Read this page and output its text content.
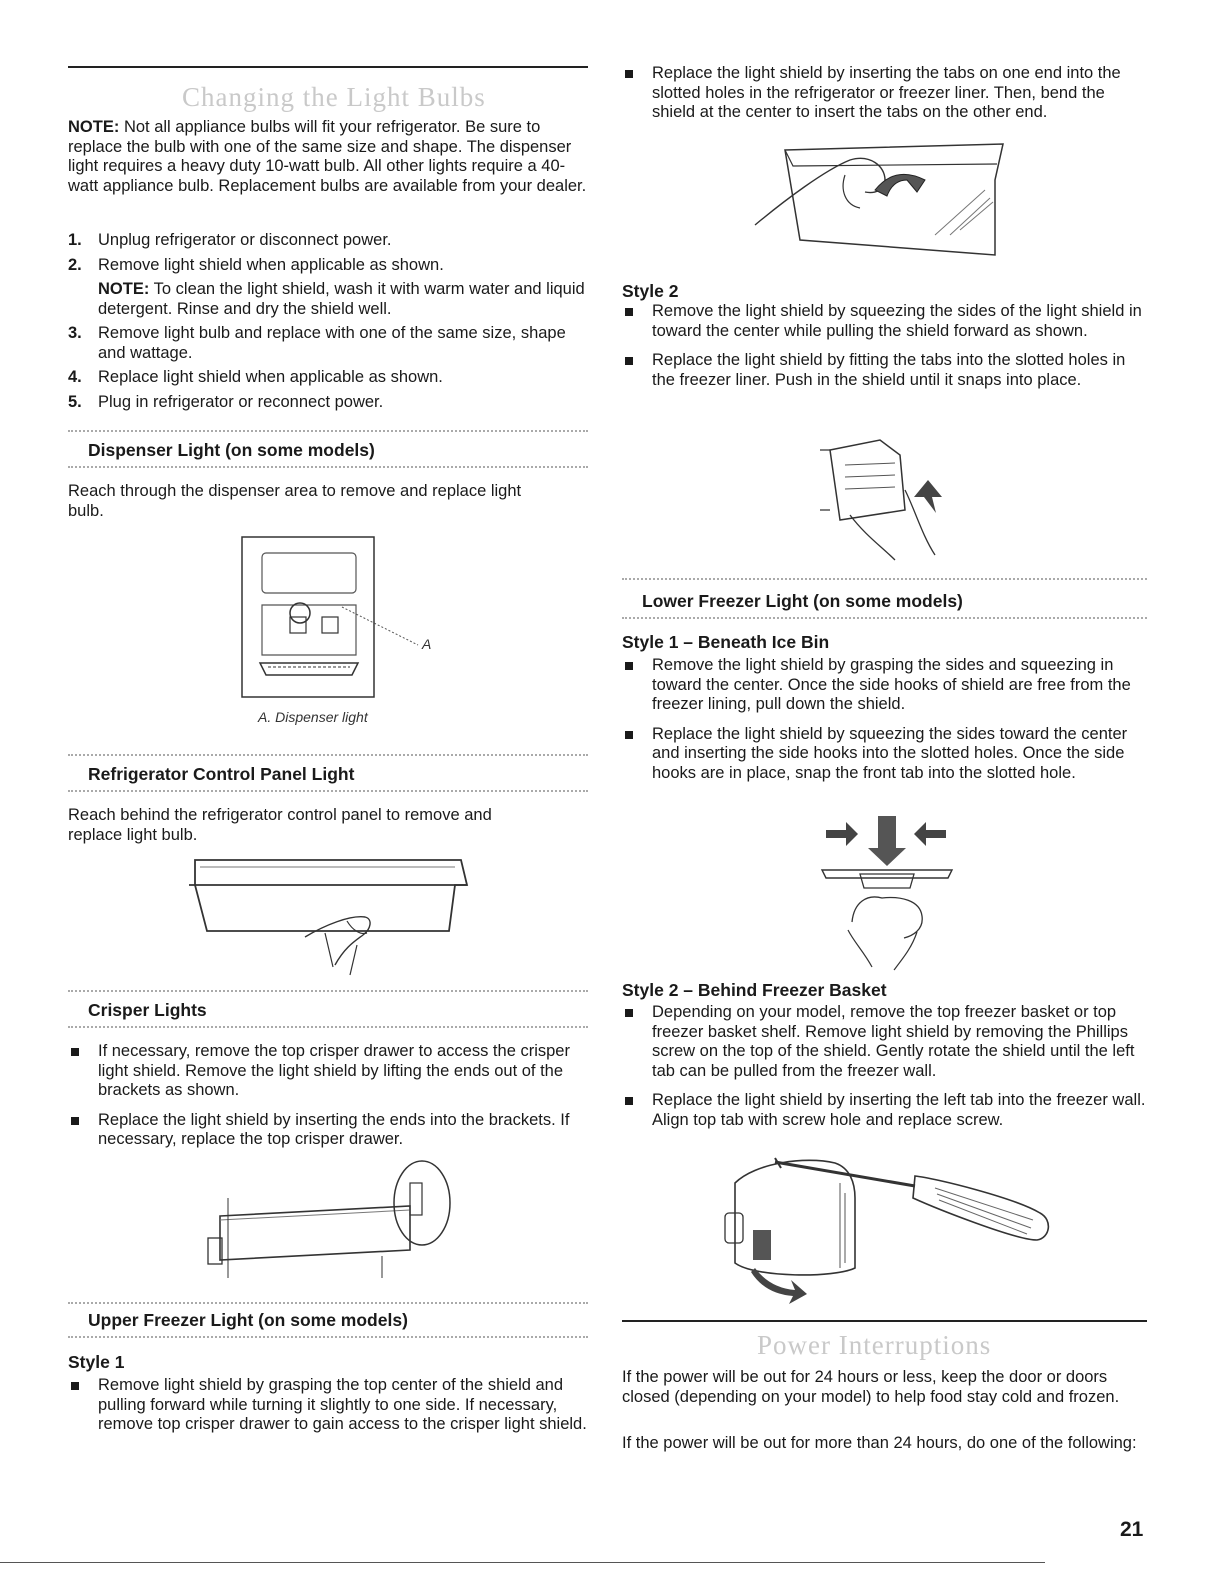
Changing the Light Bulbs

NOTE: Not all appliance bulbs will fit your refrigerator. Be sure to replace the bulb with one of the same size and shape. The dispenser light requires a heavy duty 10-watt bulb. All other lights require a 40-watt appliance bulb. Replacement bulbs are available from your dealer.

1. Unplug refrigerator or disconnect power.
2. Remove light shield when applicable as shown.
NOTE: To clean the light shield, wash it with warm water and liquid detergent. Rinse and dry the shield well.
3. Remove light bulb and replace with one of the same size, shape and wattage.
4. Replace light shield when applicable as shown.
5. Plug in refrigerator or reconnect power.
Dispenser Light (on some models)

Reach through the dispenser area to remove and replace light bulb.

A
A. Dispenser light
Refrigerator Control Panel Light

Reach behind the refrigerator control panel to remove and replace light bulb.

Crisper Lights
If necessary, remove the top crisper drawer to access the crisper light shield. Remove the light shield by lifting the ends out of the brackets as shown.
Replace the light shield by inserting the ends into the brackets. If necessary, replace the top crisper drawer.
Upper Freezer Light (on some models)
Style 1
Remove light shield by grasping the top center of the shield and pulling forward while turning it slightly to one side. If necessary, remove top crisper drawer to gain access to the crisper light shield.
Replace the light shield by inserting the tabs on one end into the slotted holes in the refrigerator or freezer liner. Then, bend the shield at the center to insert the tabs on the other end.
Style 2
Remove the light shield by squeezing the sides of the light shield in toward the center while pulling the shield forward as shown.
Replace the light shield by fitting the tabs into the slotted holes in the freezer liner. Push in the shield until it snaps into place.
Lower Freezer Light (on some models)
Style 1 – Beneath Ice Bin
Remove the light shield by grasping the sides and squeezing in toward the center. Once the side hooks of shield are free from the freezer lining, pull down the shield.
Replace the light shield by squeezing the sides toward the center and inserting the side hooks into the slotted holes. Once the side hooks are in place, snap the front tab into the slotted hole.
Style 2 – Behind Freezer Basket
Depending on your model, remove the top freezer basket or top freezer basket shelf. Remove light shield by removing the Phillips screw on the top of the shield. Gently rotate the shield until the left tab can be pulled from the freezer wall.
Replace the light shield by inserting the left tab into the freezer wall. Align top tab with screw hole and replace screw.
Power Interruptions

If the power will be out for 24 hours or less, keep the door or doors closed (depending on your model) to help food stay cold and frozen.

If the power will be out for more than 24 hours, do one of the following:

21
